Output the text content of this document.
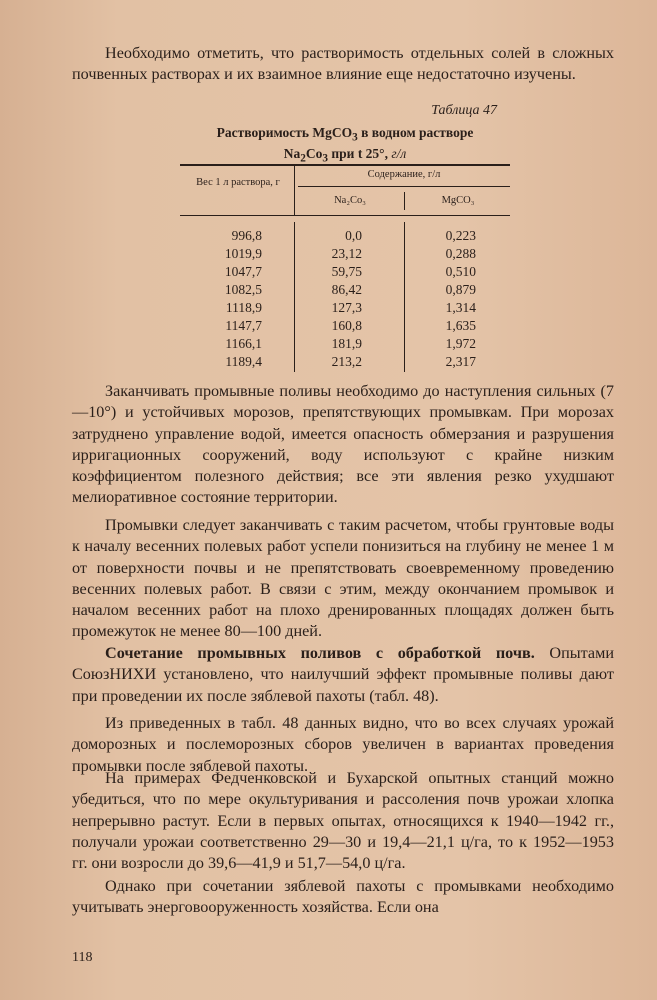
Необходимо отметить, что растворимость отдельных солей в сложных почвенных растворах и их взаимное влияние еще недостаточно изучены.

Таблица 47
Растворимость MgCO$_3$ в водном растворе
$Na_2Co_3$ при t 25°, г/л
Вес 1 л раствора, г
Содержание, г/л
Na₂Co₃	MgCO₃
996,8
1019,9
1047,7
1082,5
1118,9
1147,7
1166,1
1189,4
0,0
23,12
59,75
86,42
127,3
160,8
181,9
213,2
0,223
0,288
0,510
0,879
1,314
1,635
1,972
2,317

Заканчивать промывные поливы необходимо до наступления сильных (7—10°) и устойчивых морозов, препятствующих промывкам. При морозах затруднено управление водой, имеется опасность обмерзания и разрушения ирригационных сооружений, воду используют с крайне низким коэффициентом полезного действия; все эти явления резко ухудшают мелиоративное состояние территории.

Промывки следует заканчивать с таким расчетом, чтобы грунтовые воды к началу весенних полевых работ успели понизиться на глубину не менее 1 м от поверхности почвы и не препятствовать своевременному проведению весенних полевых работ. В связи с этим, между окончанием промывок и началом весенних работ на плохо дренированных площадях должен быть промежуток не менее 80—100 дней.

Сочетание промывных поливов с обработкой почв. Опытами СоюзНИХИ установлено, что наилучший эффект промывные поливы дают при проведении их после зяблевой пахоты (табл. 48).

Из приведенных в табл. 48 данных видно, что во всех случаях урожай доморозных и послеморозных сборов увеличен в вариантах проведения промывки после зяблевой пахоты.

На примерах Федченковской и Бухарской опытных станций можно убедиться, что по мере окультуривания и рассоления почв урожаи хлопка непрерывно растут. Если в первых опытах, относящихся к 1940—1942 гг., получали урожаи соответственно 29—30 и 19,4—21,1 ц/га, то к 1952—1953 гг. они возросли до 39,6—41,9 и 51,7—54,0 ц/га.

Однако при сочетании зяблевой пахоты с промывками необходимо учитывать энерговооруженность хозяйства. Если она

118
